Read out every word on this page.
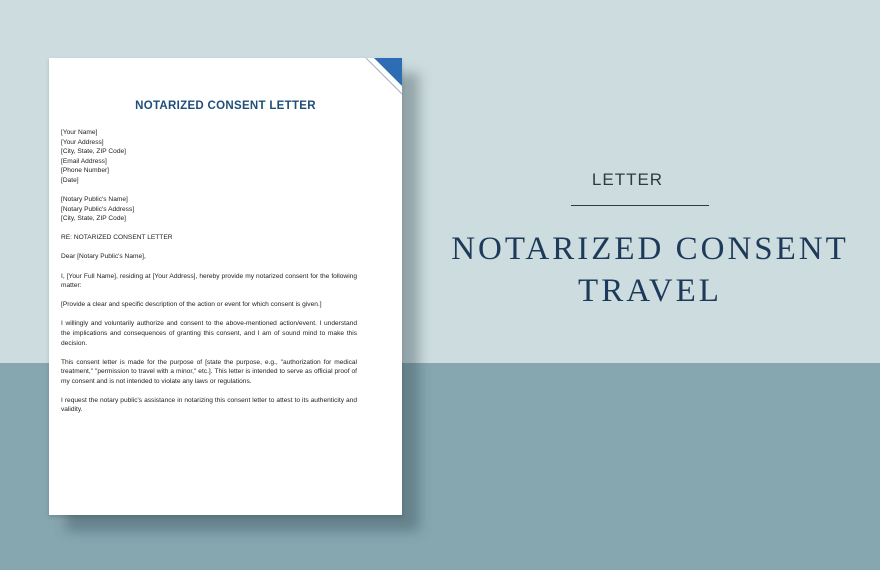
NOTARIZED CONSENT LETTER
[Your Name]
[Your Address]
[City, State, ZIP Code]
[Email Address]
[Phone Number]
[Date]
[Notary Public's Name]
[Notary Public's Address]
[City, State, ZIP Code]
RE: NOTARIZED CONSENT LETTER
Dear [Notary Public's Name],

I, [Your Full Name], residing at [Your Address], hereby provide my notarized consent for the following matter:

[Provide a clear and specific description of the action or event for which consent is given.]

I willingly and voluntarily authorize and consent to the above-mentioned action/event. I understand the implications and consequences of granting this consent, and I am of sound mind to make this decision.

This consent letter is made for the purpose of [state the purpose, e.g., "authorization for medical treatment," "permission to travel with a minor," etc.]. This letter is intended to serve as official proof of my consent and is not intended to violate any laws or regulations.

I request the notary public's assistance in notarizing this consent letter to attest to its authenticity and validity.

LETTER
NOTARIZED CONSENT
TRAVEL
